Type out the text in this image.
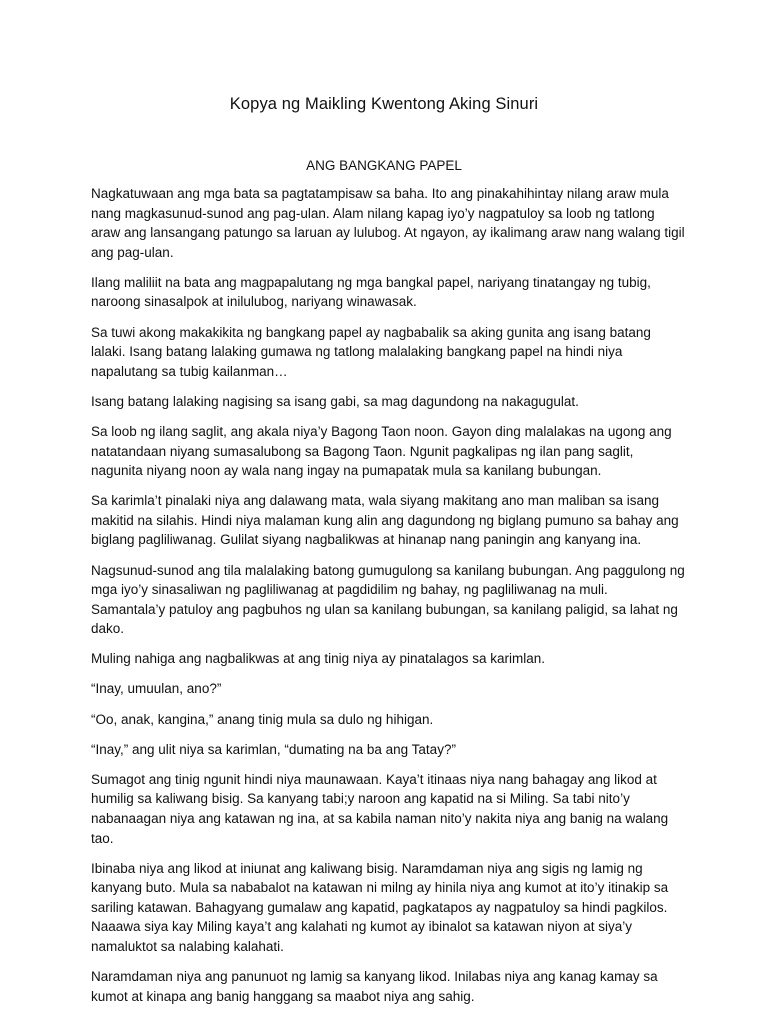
Kopya ng Maikling Kwentong Aking Sinuri
ANG BANGKANG PAPEL

Nagkatuwaan ang mga bata sa pagtatampisaw sa baha. Ito ang pinakahihintay nilang araw mula nang magkasunud-sunod ang pag-ulan. Alam nilang kapag iyo’y nagpatuloy sa loob ng tatlong araw ang lansangang patungo sa laruan ay lulubog. At ngayon, ay ikalimang araw nang walang tigil ang pag-ulan.

Ilang maliliit na bata ang magpapalutang ng mga bangkal papel, nariyang tinatangay ng tubig, naroong sinasalpok at inilulubog, nariyang winawasak.

Sa tuwi akong makakikita ng bangkang papel ay nagbabalik sa aking gunita ang isang batang lalaki. Isang batang lalaking gumawa ng tatlong malalaking bangkang papel na hindi niya napalutang sa tubig kailanman…

Isang batang lalaking nagising sa isang gabi, sa mag dagundong na nakagugulat.

Sa loob ng ilang saglit, ang akala niya’y Bagong Taon noon. Gayon ding malalakas na ugong ang natatandaan niyang sumasalubong sa Bagong Taon. Ngunit pagkalipas ng ilan pang saglit, nagunita niyang noon ay wala nang ingay na pumapatak mula sa kanilang bubungan.

Sa karimla’t pinalaki niya ang dalawang mata, wala siyang makitang ano man maliban sa isang makitid na silahis. Hindi niya malaman kung alin ang dagundong ng biglang pumuno sa bahay ang biglang pagliliwanag. Gulilat siyang nagbalikwas at hinanap nang paningin ang kanyang ina.

Nagsunud-sunod ang tila malalaking batong gumugulong sa kanilang bubungan. Ang paggulong ng mga iyo’y sinasaliwan ng pagliliwanag at pagdidilim ng bahay, ng pagliliwanag na muli. Samantala’y patuloy ang pagbuhos ng ulan sa kanilang bubungan, sa kanilang paligid, sa lahat ng dako.

Muling nahiga ang nagbalikwas at ang tinig niya ay pinatalagos sa karimlan.

“Inay, umuulan, ano?”

“Oo, anak, kangina,” anang tinig mula sa dulo ng hihigan.

“Inay,” ang ulit niya sa karimlan, “dumating na ba ang Tatay?”

Sumagot ang tinig ngunit hindi niya maunawaan. Kaya’t itinaas niya nang bahagay ang likod at humilig sa kaliwang bisig. Sa kanyang tabi;y naroon ang kapatid na si Miling. Sa tabi nito’y nabanaagan niya ang katawan ng ina, at sa kabila naman nito’y nakita niya ang banig na walang tao.

Ibinaba niya ang likod at iniunat ang kaliwang bisig. Naramdaman niya ang sigis ng lamig ng kanyang buto. Mula sa nababalot na katawan ni milng ay hinila niya ang kumot at ito’y itinakip sa sariling katawan. Bahagyang gumalaw ang kapatid, pagkatapos ay nagpatuloy sa hindi pagkilos. Naaawa siya kay Miling kaya’t ang kalahati ng kumot ay ibinalot sa katawan niyon at siya’y namaluktot sa nalabing kalahati.

Naramdaman niya ang panunuot ng lamig sa kanyang likod. Inilabas niya ang kanag kamay sa kumot at kinapa ang banig hanggang sa maabot niya ang sahig.
